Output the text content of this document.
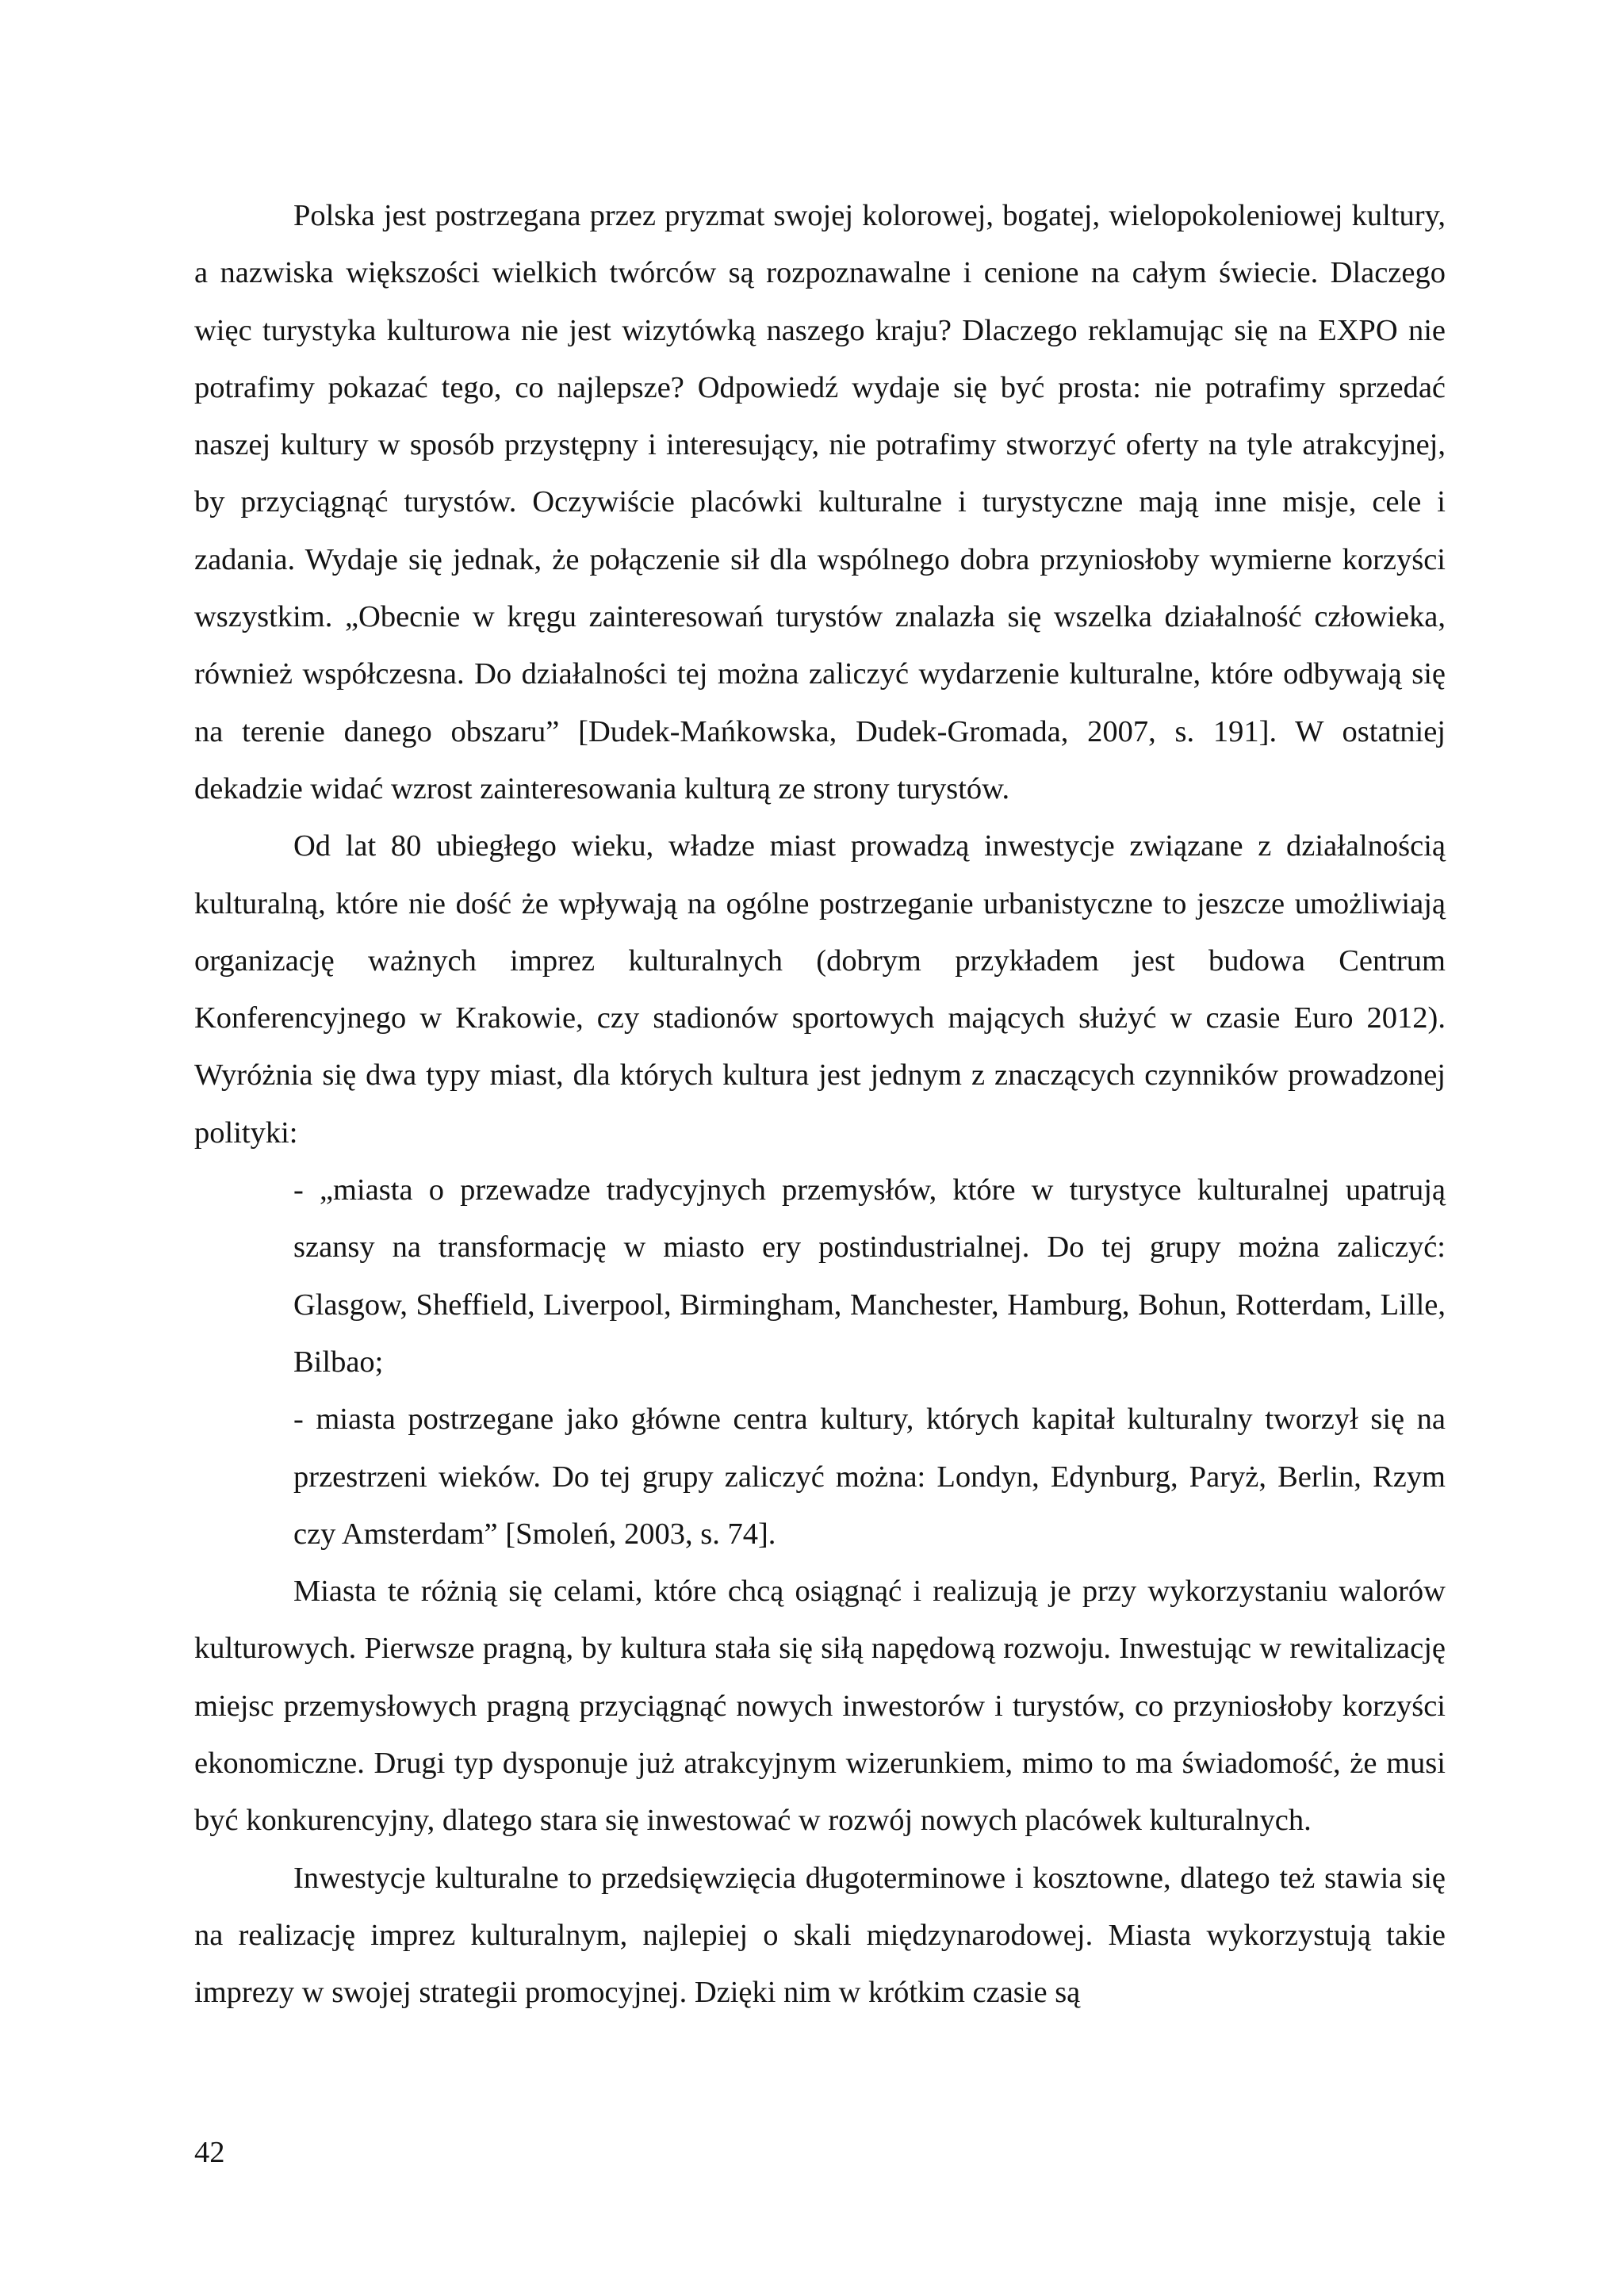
Polska jest postrzegana przez pryzmat swojej kolorowej, bogatej, wielopokoleniowej kultury, a nazwiska większości wielkich twórców są rozpoznawalne i cenione na całym świecie. Dlaczego więc turystyka kulturowa nie jest wizytówką naszego kraju? Dlaczego reklamując się na EXPO nie potrafimy pokazać tego, co najlepsze? Odpowiedź wydaje się być prosta: nie potrafimy sprzedać naszej kultury w sposób przystępny i interesujący, nie potrafimy stworzyć oferty na tyle atrakcyjnej, by przyciągnąć turystów. Oczywiście placówki kulturalne i turystyczne mają inne misje, cele i zadania. Wydaje się jednak, że połączenie sił dla wspólnego dobra przyniosłoby wymierne korzyści wszystkim. „Obecnie w kręgu zainteresowań turystów znalazła się wszelka działalność człowieka, również współczesna. Do działalności tej można zaliczyć wydarzenie kulturalne, które odbywają się na terenie danego obszaru” [Dudek-Mańkowska, Dudek-Gromada, 2007, s. 191]. W ostatniej dekadzie widać wzrost zainteresowania kulturą ze strony turystów.

Od lat 80 ubiegłego wieku, władze miast prowadzą inwestycje związane z działalnością kulturalną, które nie dość że wpływają na ogólne postrzeganie urbanistyczne to jeszcze umożliwiają organizację ważnych imprez kulturalnych (dobrym przykładem jest budowa Centrum Konferencyjnego w Krakowie, czy stadionów sportowych mających służyć w czasie Euro 2012). Wyróżnia się dwa typy miast, dla których kultura jest jednym z znaczących czynników prowadzonej polityki:

- „miasta o przewadze tradycyjnych przemysłów, które w turystyce kulturalnej upatrują szansy na transformację w miasto ery postindustrialnej. Do tej grupy można zaliczyć: Glasgow, Sheffield, Liverpool, Birmingham, Manchester, Hamburg, Bohun, Rotterdam, Lille, Bilbao;

- miasta postrzegane jako główne centra kultury, których kapitał kulturalny tworzył się na przestrzeni wieków. Do tej grupy zaliczyć można: Londyn, Edynburg, Paryż, Berlin, Rzym czy Amsterdam” [Smoleń, 2003, s. 74].

Miasta te różnią się celami, które chcą osiągnąć i realizują je przy wykorzystaniu walorów kulturowych. Pierwsze pragną, by kultura stała się siłą napędową rozwoju. Inwestując w rewitalizację miejsc przemysłowych pragną przyciągnąć nowych inwestorów i turystów, co przyniosłoby korzyści ekonomiczne. Drugi typ dysponuje już atrakcyjnym wizerunkiem, mimo to ma świadomość, że musi być konkurencyjny, dlatego stara się inwestować w rozwój nowych placówek kulturalnych.

Inwestycje kulturalne to przedsięwzięcia długoterminowe i kosztowne, dlatego też stawia się na realizację imprez kulturalnym, najlepiej o skali międzynarodowej. Miasta wykorzystują takie imprezy w swojej strategii promocyjnej. Dzięki nim w krótkim czasie są

42
